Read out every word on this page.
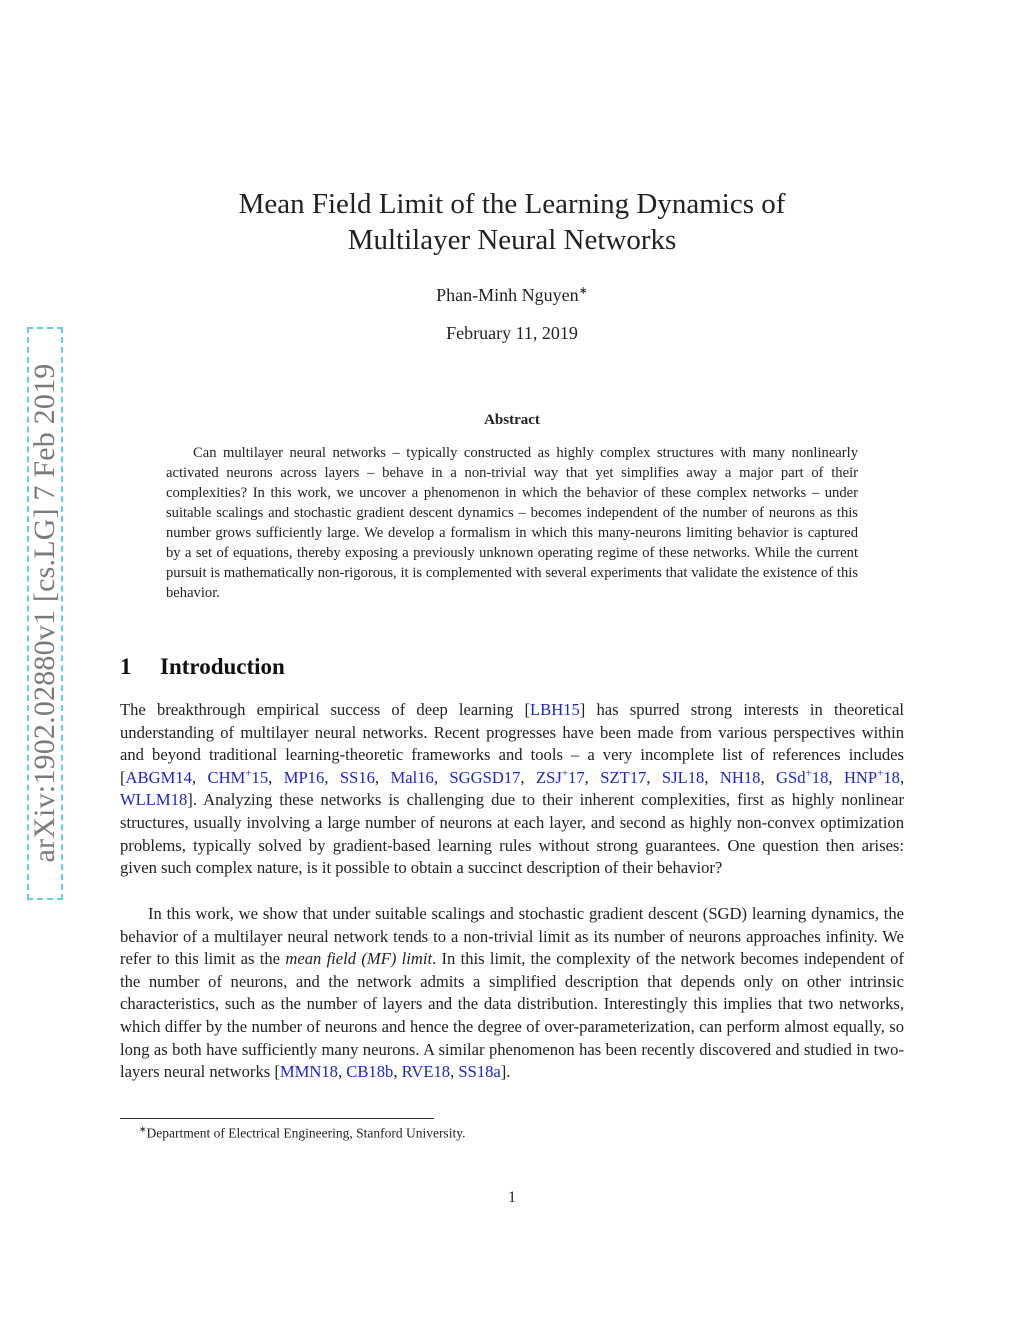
arXiv:1902.02880v1 [cs.LG] 7 Feb 2019
Mean Field Limit of the Learning Dynamics of
Multilayer Neural Networks
Phan-Minh Nguyen∗
February 11, 2019
Abstract

Can multilayer neural networks – typically constructed as highly complex structures with many nonlinearly activated neurons across layers – behave in a non-trivial way that yet simplifies away a major part of their complexities? In this work, we uncover a phenomenon in which the behavior of these complex networks – under suitable scalings and stochastic gradient descent dynamics – becomes independent of the number of neurons as this number grows sufficiently large. We develop a formalism in which this many-neurons limiting behavior is captured by a set of equations, thereby exposing a previously unknown operating regime of these networks. While the current pursuit is mathematically non-rigorous, it is complemented with several experiments that validate the existence of this behavior.

1 Introduction

The breakthrough empirical success of deep learning [LBH15] has spurred strong interests in theoretical understanding of multilayer neural networks. Recent progresses have been made from various perspectives within and beyond traditional learning-theoretic frameworks and tools – a very incomplete list of references includes [ABGM14, CHM+15, MP16, SS16, Mal16, SGGSD17, ZSJ+17, SZT17, SJL18, NH18, GSd+18, HNP+18, WLLM18]. Analyzing these networks is challenging due to their inherent complexities, first as highly nonlinear structures, usually involving a large number of neurons at each layer, and second as highly non-convex optimization problems, typically solved by gradient-based learning rules without strong guarantees. One question then arises: given such complex nature, is it possible to obtain a succinct description of their behavior?

In this work, we show that under suitable scalings and stochastic gradient descent (SGD) learning dynamics, the behavior of a multilayer neural network tends to a non-trivial limit as its number of neurons approaches infinity. We refer to this limit as the mean field (MF) limit. In this limit, the complexity of the network becomes independent of the number of neurons, and the network admits a simplified description that depends only on other intrinsic characteristics, such as the number of layers and the data distribution. Interestingly this implies that two networks, which differ by the number of neurons and hence the degree of over-parameterization, can perform almost equally, so long as both have sufficiently many neurons. A similar phenomenon has been recently discovered and studied in two-layers neural networks [MMN18, CB18b, RVE18, SS18a].

∗Department of Electrical Engineering, Stanford University.
1
